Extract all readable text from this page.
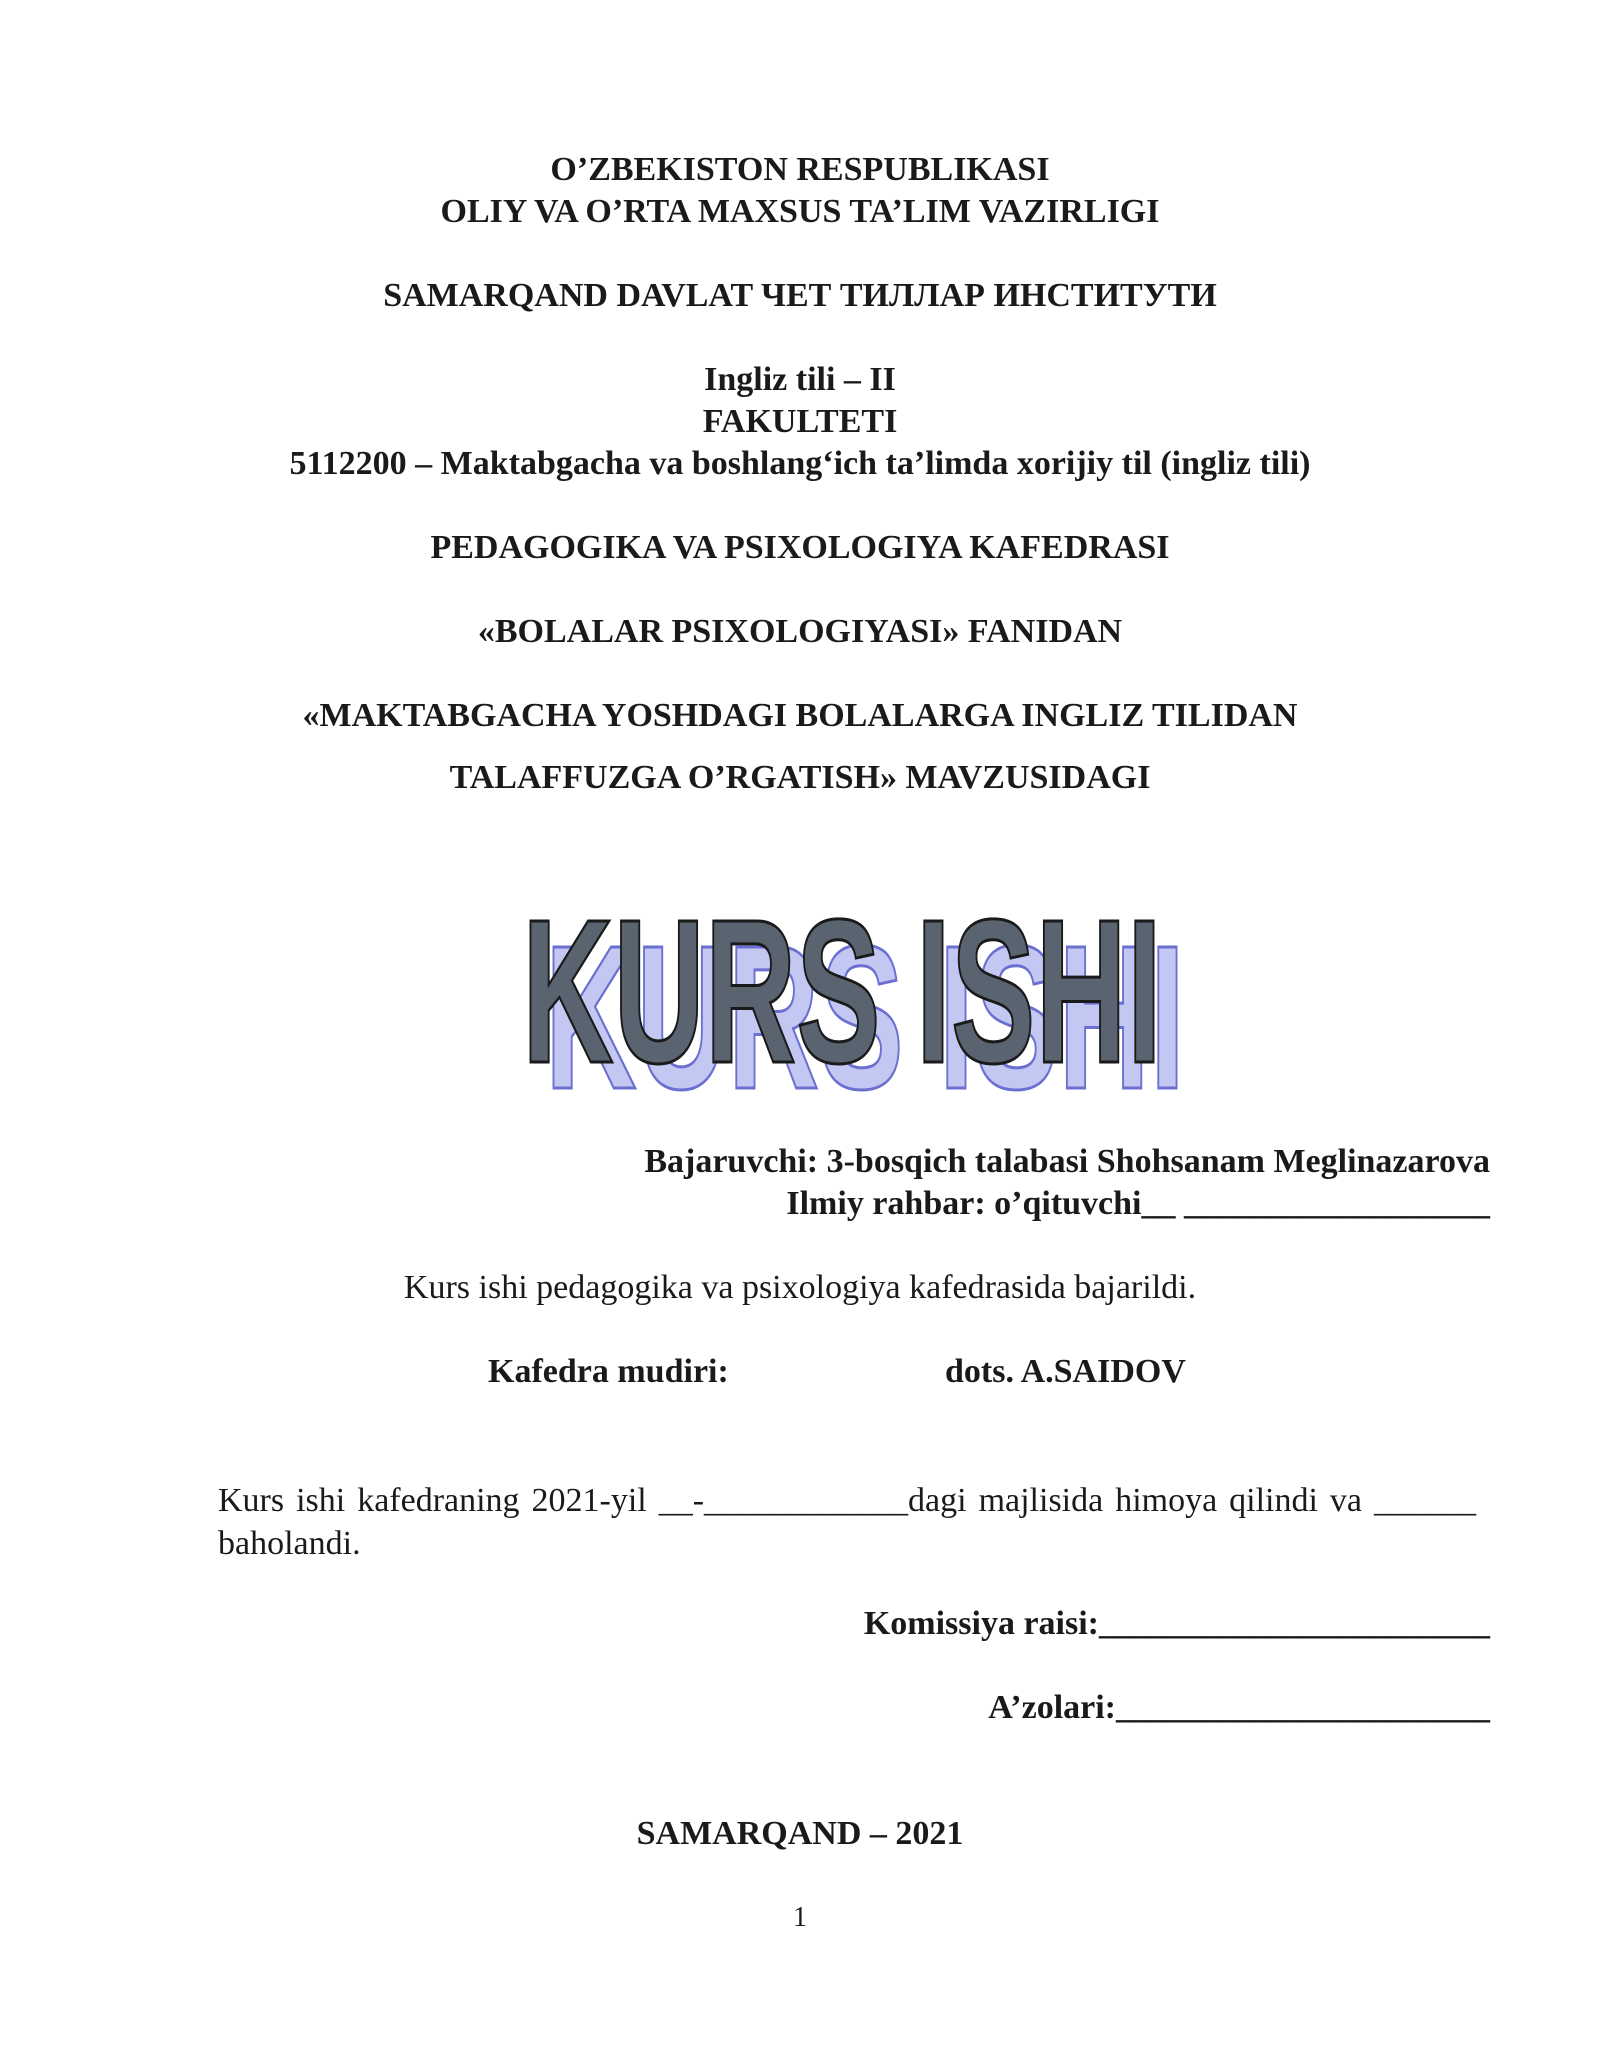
O’ZBEKISTON RESPUBLIKASI
OLIY VA O’RTA MAXSUS TA’LIM VAZIRLIGI
SAMARQAND DAVLAT ЧЕТ ТИЛЛАР ИНСТИТУТИ
Ingliz tili – II
FAKULTETI
5112200 – Maktabgacha va boshlang‘ich ta’limda xorijiy til (ingliz tili)
PEDAGOGIKA VA PSIXOLOGIYA KAFEDRASI
«BOLALAR PSIXOLOGIYASI» FANIDAN
«MAKTABGACHA YOSHDAGI BOLALARGA INGLIZ TILIDAN
TALAFFUZGA O’RGATISH» MAVZUSIDAGI
KURS ISHI
KURS ISHI
Bajaruvchi: 3-bosqich talabasi Shohsanam Meglinazarova
Ilmiy rahbar: o’qituvchi__ __________________
Kurs ishi pedagogika va psixologiya kafedrasida bajarildi.
Kafedra mudiri:	dots. A.SAIDOV
Kurs ishi kafedraning 2021-yil __-____________dagi majlisida himoya qilindi va ______ baholandi.
Komissiya raisi:_______________________
A’zolari:______________________
SAMARQAND – 2021
1
